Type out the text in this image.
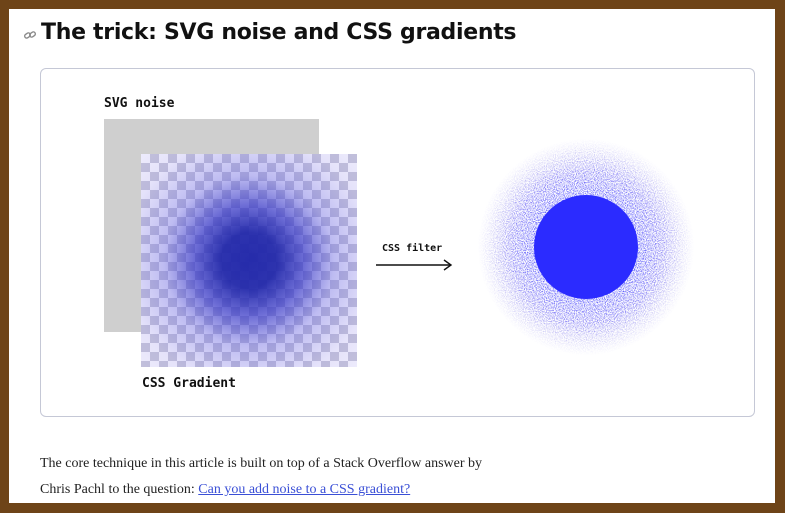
The trick: SVG noise and CSS gradients
SVG noise
CSS Gradient
CSS filter

The core technique in this article is built on top of a Stack Overflow answer by
Chris Pachl to the question: Can you add noise to a CSS gradient?
